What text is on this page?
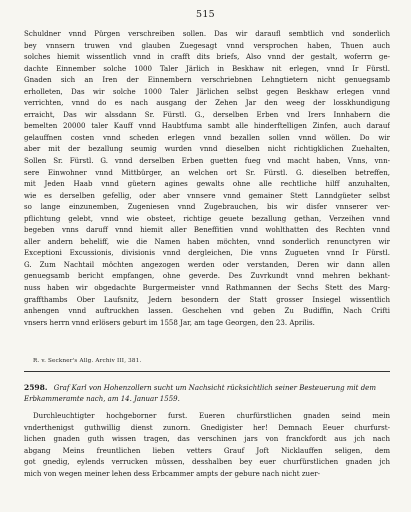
515
Schuldner vnnd Pürgen verschreiben sollen. Das wir daraufl sembtlich vnd sonderlich
bey vnnsern truwen vnd glauben Zuegesagt vnnd versprochen haben, Thuen auch
solches hiemit wissentlich vnnd in crafft dits briefs, Also vnnd der gestalt, woferrn ge-
dachte Einnember solche 1000 Taler Järlich in Beskhaw nit erlegen, vnnd Ir Fürstl.
Gnaden sich an Iren der Einnembern verschriebnen Lehngtietern nicht genuegsamb
erholleten, Das wir solche 1000 Taler Järlichen selbst gegen Beskhaw erlegen vnnd
verrichten, vnnd do es nach ausgang der Zehen Jar den weeg der losskhundigung
erraicht, Das wir alssdann Sr. Fürstl. G., derselben Erben vnd Irers Innhabern die
bemelten 20000 taler Kauff vnnd Haubtfuma sambt alle hinderftelligen Zinfen, auch darauf
gelauffnen costen vnnd scheden erlegen vnnd bezallen sollen vnnd wöllen. Do wir
aber mit der bezallung seumig wurden vnnd dieselben nicht richtigklichen Zuehalten,
Sollen Sr. Fürstl. G. vnnd derselben Erben guetten fueg vnd macht haben, Vnns, vnn-
sere Einwohner vnnd Mittbürger, an welchen ort Sr. Fürstl. G. dieselben betreffen,
mit Jeden Haab vnnd güetern agines gewalts ohne alle rechtliche hilff anzuhalten,
wie es derselben gefellig, oder aber vnnsere vnnd gemainer Stett Lanndgüeter selbst
so lange einzunemben, Zugeniesen vnnd Zugebrauchen, bis wir disfer vnnserer ver-
pflichtung gelebt, vnnd wie obsteet, richtige geuete bezallung gethan, Verzeihen vnnd
begeben vnns daruff vnnd hiemit aller Beneffitien vnnd wohlthatten des Rechten vnnd
aller andern beheliff, wie die Namen haben möchten, vnnd sonderlich renunctyren wir
Exceptioni Excussionis, divisionis vnnd dergleichen, Die vnns Zugueten vnnd Ir Fürstl.
G. Zum Nachtail möchten angezogen werden oder verstanden, Deren wir dann allen
genuegsamb bericht empfangen, ohne geverde. Des Zuvrkundt vnnd mehren bekhant-
nuss haben wir obgedachte Burgermeister vnnd Rathmannen der Sechs Stett des Marg-
graffthambs Ober Laufsnitz, Jedern besondern der Statt grosser Insiegel wissentlich
anhengen vnnd auftruckhen lassen. Geschehen vnd geben Zu Budiffin, Nach Crifti
vnsers herrn vnnd erlösers geburt im 1558 Jar, am tage Georgen, den 23. Aprilis.
R. v. Seckner's Allg. Archiv III, 381.
2598. Graf Karl von Hohenzollern sucht um Nachsicht rücksichtlich seiner Besteuerung mit dem Erbkammeramte nach, am 14. Januar 1559.
Durchleuchtigter hochgeborner furst. Eueren churfürstlichen gnaden seind mein
vnderthenigst guthwillig dienst zunorn. Gnedigister her! Demnach Eeuer churfurst-
lichen gnaden guth wissen tragen, das verschinen jars von franckfordt aus jch nach
abgang Meins freuntlichen lieben vetters Grauf Joft Nicklauffen seligen, dem
got gnedig, eylends verrucken müssen, desshalben bey euer churfürstlichen gnaden jch
mich von wegen meiner lehen dess Erbcammer ampts der gebure nach nicht zuer-
